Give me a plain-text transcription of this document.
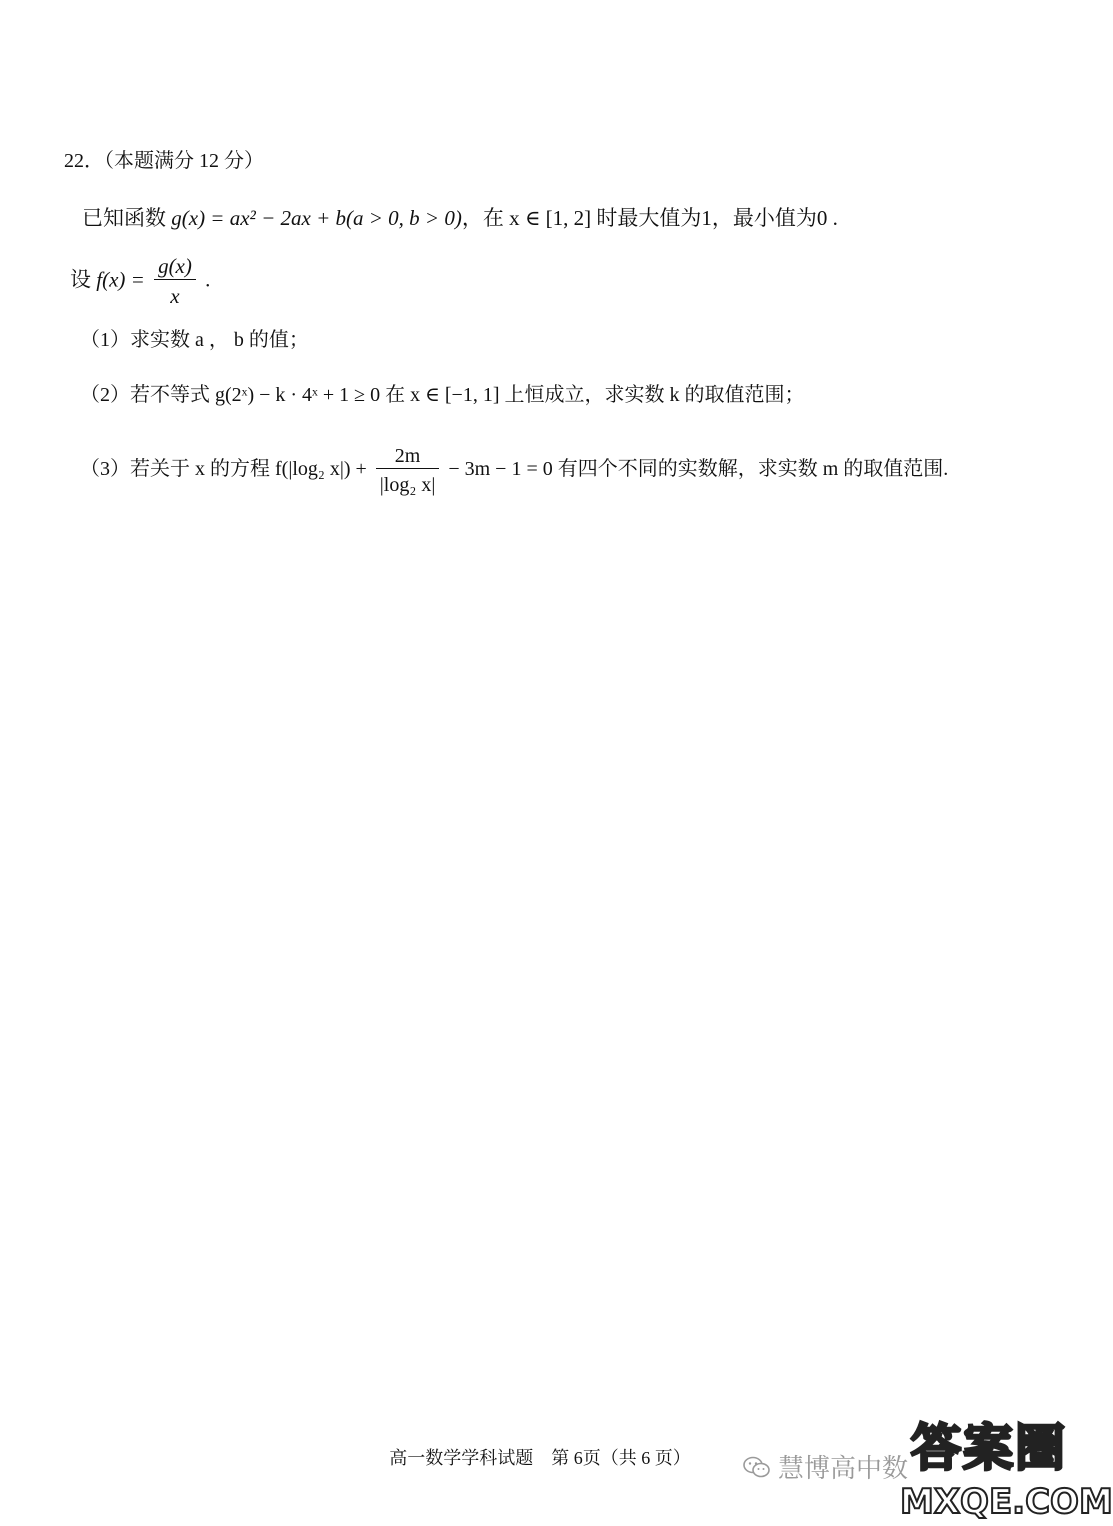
22．（本题满分 12 分）
已知函数 g(x) = ax² − 2ax + b(a > 0, b > 0)，在 x ∈ [1, 2] 时最大值为1，最小值为0 .
设 $f(x) = \frac{g(x)}{x}$ .
（1）求实数 a ， b 的值；
（2）若不等式 g(2ˣ) − k · 4ˣ + 1 ≥ 0 在 x ∈ [−1, 1] 上恒成立，求实数 k 的取值范围；
（3）若关于 x 的方程 f(|log₂ $x|) + \frac{2m}{\text{|log₂ x|}} - 3m - 1 = 0$ 有四个不同的实数解，求实数 m 的取值范围.
高一数学学科试题　第 6页（共 6 页）	慧博高中数 答案圈
MXQE.COM
